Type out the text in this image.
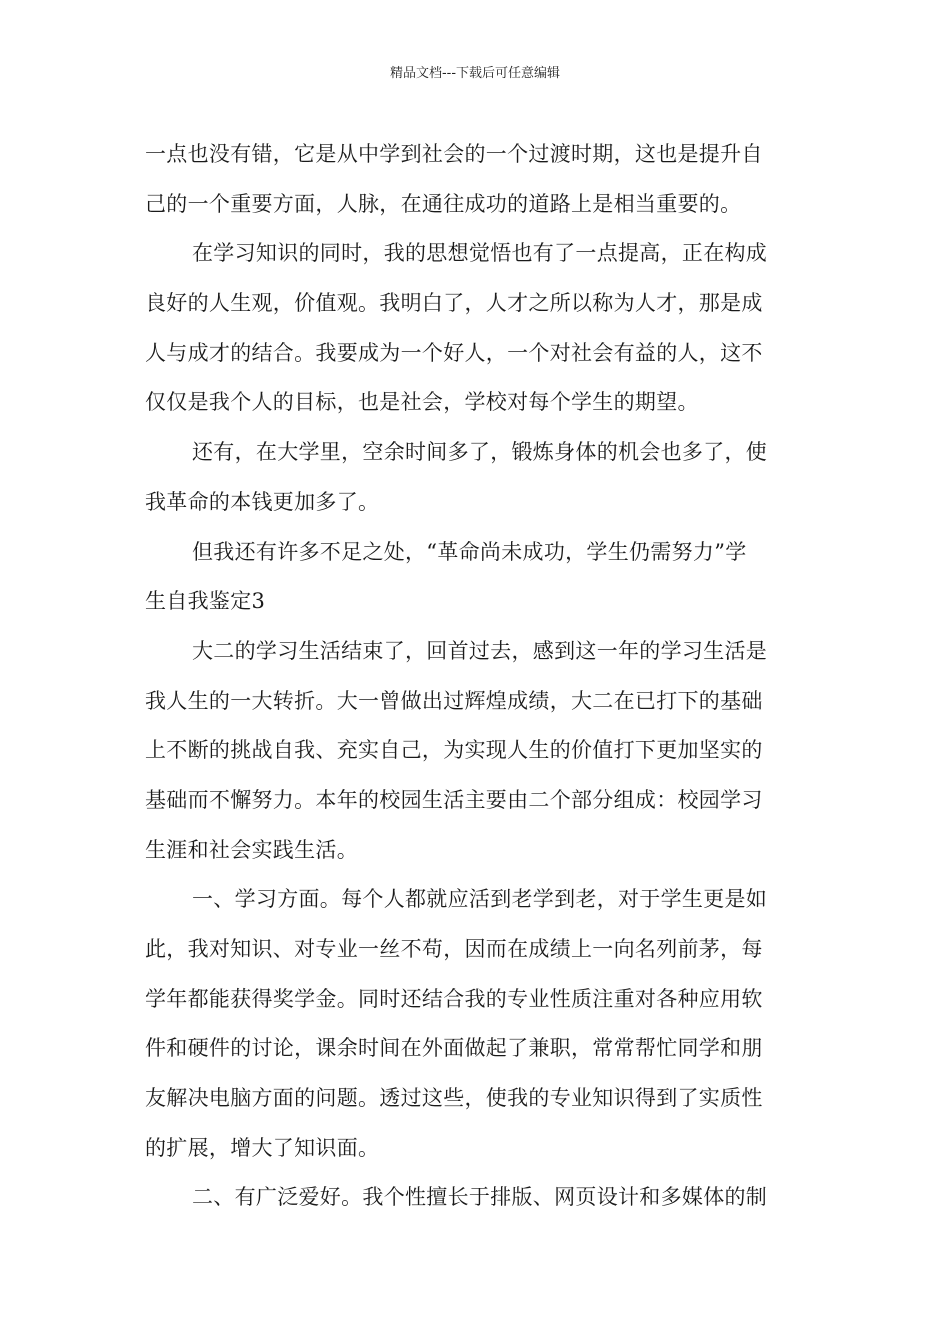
精品文档---下载后可任意编辑
一点也没有错，它是从中学到社会的一个过渡时期，这也是提升自
己的一个重要方面，人脉，在通往成功的道路上是相当重要的。
在学习知识的同时，我的思想觉悟也有了一点提高，正在构成
良好的人生观，价值观。我明白了，人才之所以称为人才，那是成
人与成才的结合。我要成为一个好人，一个对社会有益的人，这不
仅仅是我个人的目标，也是社会，学校对每个学生的期望。
还有，在大学里，空余时间多了，锻炼身体的机会也多了，使
我革命的本钱更加多了。
但我还有许多不足之处，“革命尚未成功，学生仍需努力”学
生自我鉴定3
大二的学习生活结束了，回首过去，感到这一年的学习生活是
我人生的一大转折。大一曾做出过辉煌成绩，大二在已打下的基础
上不断的挑战自我、充实自己，为实现人生的价值打下更加坚实的
基础而不懈努力。本年的校园生活主要由二个部分组成：校园学习
生涯和社会实践生活。
一、学习方面。每个人都就应活到老学到老，对于学生更是如
此，我对知识、对专业一丝不苟，因而在成绩上一向名列前茅，每
学年都能获得奖学金。同时还结合我的专业性质注重对各种应用软
件和硬件的讨论，课余时间在外面做起了兼职，常常帮忙同学和朋
友解决电脑方面的问题。透过这些，使我的专业知识得到了实质性
的扩展，增大了知识面。
二、有广泛爱好。我个性擅长于排版、网页设计和多媒体的制
